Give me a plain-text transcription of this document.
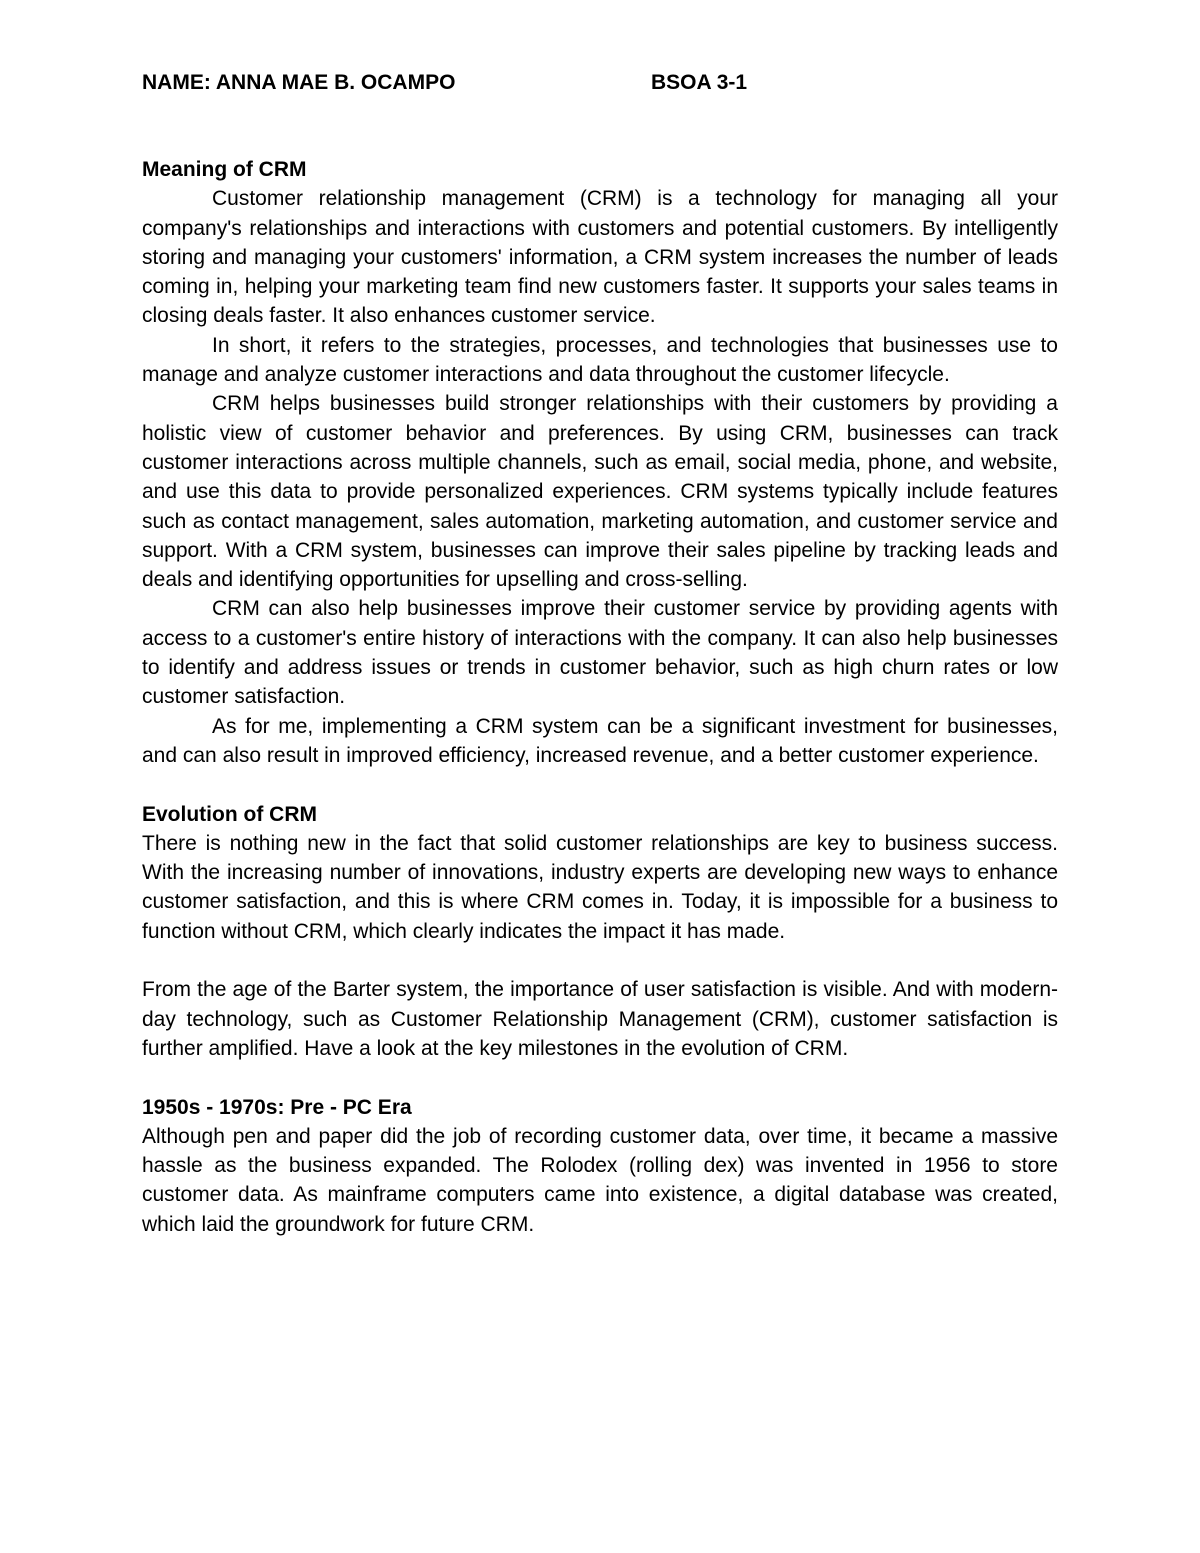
NAME: ANNA MAE B. OCAMPO	BSOA 3-1

Meaning of CRM

Customer relationship management (CRM) is a technology for managing all your company's relationships and interactions with customers and potential customers. By intelligently storing and managing your customers' information, a CRM system increases the number of leads coming in, helping your marketing team find new customers faster. It supports your sales teams in closing deals faster. It also enhances customer service.

In short, it refers to the strategies, processes, and technologies that businesses use to manage and analyze customer interactions and data throughout the customer lifecycle.

CRM helps businesses build stronger relationships with their customers by providing a holistic view of customer behavior and preferences. By using CRM, businesses can track customer interactions across multiple channels, such as email, social media, phone, and website, and use this data to provide personalized experiences. CRM systems typically include features such as contact management, sales automation, marketing automation, and customer service and support. With a CRM system, businesses can improve their sales pipeline by tracking leads and deals and identifying opportunities for upselling and cross-selling.

CRM can also help businesses improve their customer service by providing agents with access to a customer's entire history of interactions with the company. It can also help businesses to identify and address issues or trends in customer behavior, such as high churn rates or low customer satisfaction.

As for me, implementing a CRM system can be a significant investment for businesses, and can also result in improved efficiency, increased revenue, and a better customer experience.

Evolution of CRM

There is nothing new in the fact that solid customer relationships are key to business success. With the increasing number of innovations, industry experts are developing new ways to enhance customer satisfaction, and this is where CRM comes in. Today, it is impossible for a business to function without CRM, which clearly indicates the impact it has made.

From the age of the Barter system, the importance of user satisfaction is visible. And with modern-day technology, such as Customer Relationship Management (CRM), customer satisfaction is further amplified. Have a look at the key milestones in the evolution of CRM.

1950s - 1970s: Pre - PC Era

Although pen and paper did the job of recording customer data, over time, it became a massive hassle as the business expanded. The Rolodex (rolling dex) was invented in 1956 to store customer data. As mainframe computers came into existence, a digital database was created, which laid the groundwork for future CRM.
